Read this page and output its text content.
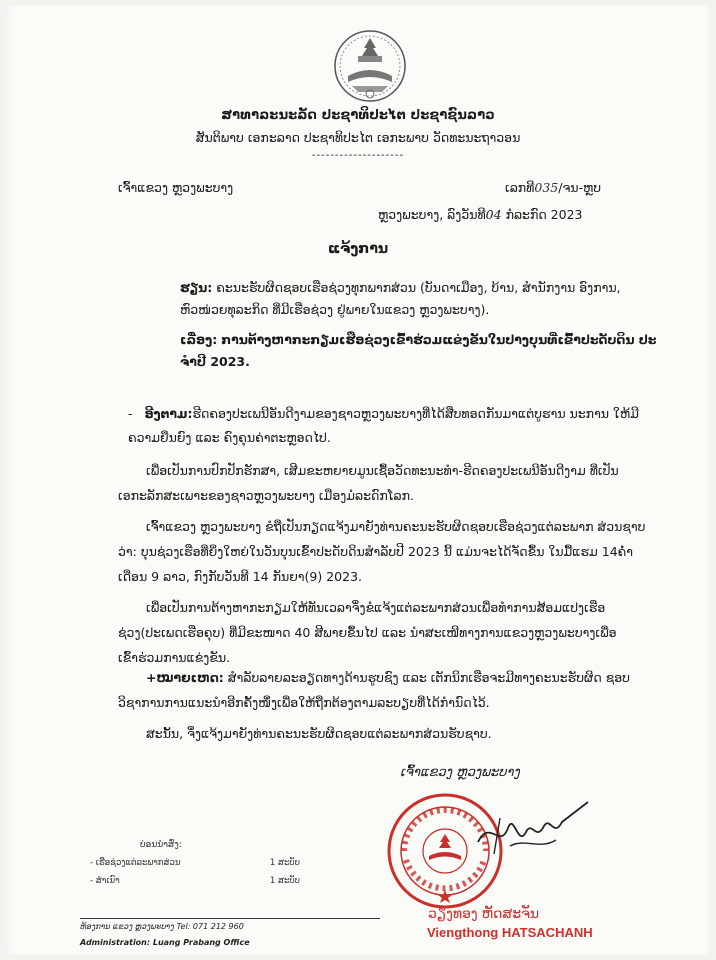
ສາທາລະນະລັດ ປະຊາທິປະໄຕ ປະຊາຊົນລາວ
ສັນຕິພາບ ເອກະລາດ ປະຊາທິປະໄຕ ເອກະພາບ ວັດທະນະຖາວອນ
--------------------
ເຈົ້າແຂວງ ຫຼວງພະບາງ	ເລກທີ035/ຈນ-ຫຼບ
ຫຼວງພະບາງ, ລົງວັນທີ04 ກໍລະກົດ 2023
ແຈ້ງການ
ຮຽນ: ຄະນະຮັບຜິດຊອບເຮືອຊ່ວງທຸກພາກສ່ວນ (ບັນດາເມືອງ, ບ້ານ, ສໍານັກງານ ອົງການ, ຫົວໜ່ວຍທຸລະກິດ ທີ່ມີເຮືອຊ່ວງ ຢູ່ພາຍໃນແຂວງ ຫຼວງພະບາງ).
ເລື່ອງ: ການຕ້າງຫາກະກຽມເຮືອຊ່ວງເຂົ້າຮ່ວມແຂ່ງຂັນໃນປາງບຸນທີ່ເຂົ້າປະດັບດິນ ປະຈໍາປີ 2023.
-   ອີງຕາມ:ຮີດຄອງປະເພນີອັນດີງາມຂອງຊາວຫຼວງພະບາງທີ່ໄດ້ສືບທອດກັນມາແຕ່ບູຮານ ນະການ ໃຫ້ມີຄວາມຍືນຍົງ ແລະ ຄົງຄຸນຄ່າຕະຫຼອດໄປ.
ເພື່ອເປັນການປົກປັກຮັກສາ, ເສີມຂະຫຍາຍມູນເຊື້ອວັດທະນະທໍາ-ຮີດຄອງປະເພນີອັນດີງາມ ທີ່ເປັນເອກະລັກສະເພາະຂອງຊາວຫຼວງພະບາງ ເມືອງມໍລະດົກໂລກ.
ເຈົ້າແຂວງ ຫຼວງພະບາງ ຂໍຖືເປັນກຽດແຈ້ງມາຍັງທ່ານຄະນະຮັບຜິດຊອບເຮືອຊ່ວງແຕ່ລະພາກ ສ່ວນຊາບວ່າ: ບຸນຊ່ວງເຮືອທີ່ຍິ່ງໃຫຍ່ໃນວັນບຸນເຂົ້າປະດັບດິນສໍາລັບປີ 2023 ນີ້ ແມ່ນຈະໄດ້ຈັດຂຶ້ນ ໃນມື້ແຮມ 14ຄໍ່າ ເດືອນ 9 ລາວ, ກົງກັບວັນທີ 14 ກັນຍາ(9) 2023.
ເພື່ອເປັນການຕ້າງຫາກະກຽມໃຫ້ທັນເວລາຈຶ່ງຂໍແຈ້ງແຕ່ລະພາກສ່ວນເພື່ອທໍາການສ້ອມແປງເຮືອ ຊ່ວງ(ປະເພດເຮືອຄຸບ) ທີ່ມີຂະໜາດ 40 ສີພາຍຂຶ້ນໄປ ແລະ ນໍາສະເໜີທາງການແຂວງຫຼວງພະບາງເພື່ອ ເຂົ້າຮ່ວມການແຂ່ງຂັນ.
+ໝາຍເຫດ: ສໍາລັບລາຍລະອຽດທາງດ້ານຮູບຊົງ ແລະ ເຕັກນິກເຮືອຈະມີທາງຄະນະຮັບຜິດ ຊອບວິຊາການການແນະນໍາອີກຄັ້ງໜຶ່ງເພື່ອໃຫ້ຖືກຕ້ອງຕາມລະບຽບທີ່ໄດ້ກໍານົດໄວ້.
ສະນັ້ນ, ຈຶ່ງແຈ້ງມາຍັງທ່ານຄະນະຮັບຜິດຊອບແຕ່ລະພາກສ່ວນຮັບຊາບ.
ເຈົ້າແຂວງ ຫຼວງພະບາງ
ວຽງທອງ ຫັດສະຈັນ
Viengthong HATSACHANH
ບ່ອນນໍາສົ່ງ:
- ເຮືອຊ່ວງແຕ່ລະພາກສ່ວນ	1 ສະບັບ
- ສໍາເນົາ	1 ສະບັບ
ຫ້ອງການ ແຂວງ ຫຼວງພະບາງ Tel: 071 212 960
Administration: Luang Prabang Office
